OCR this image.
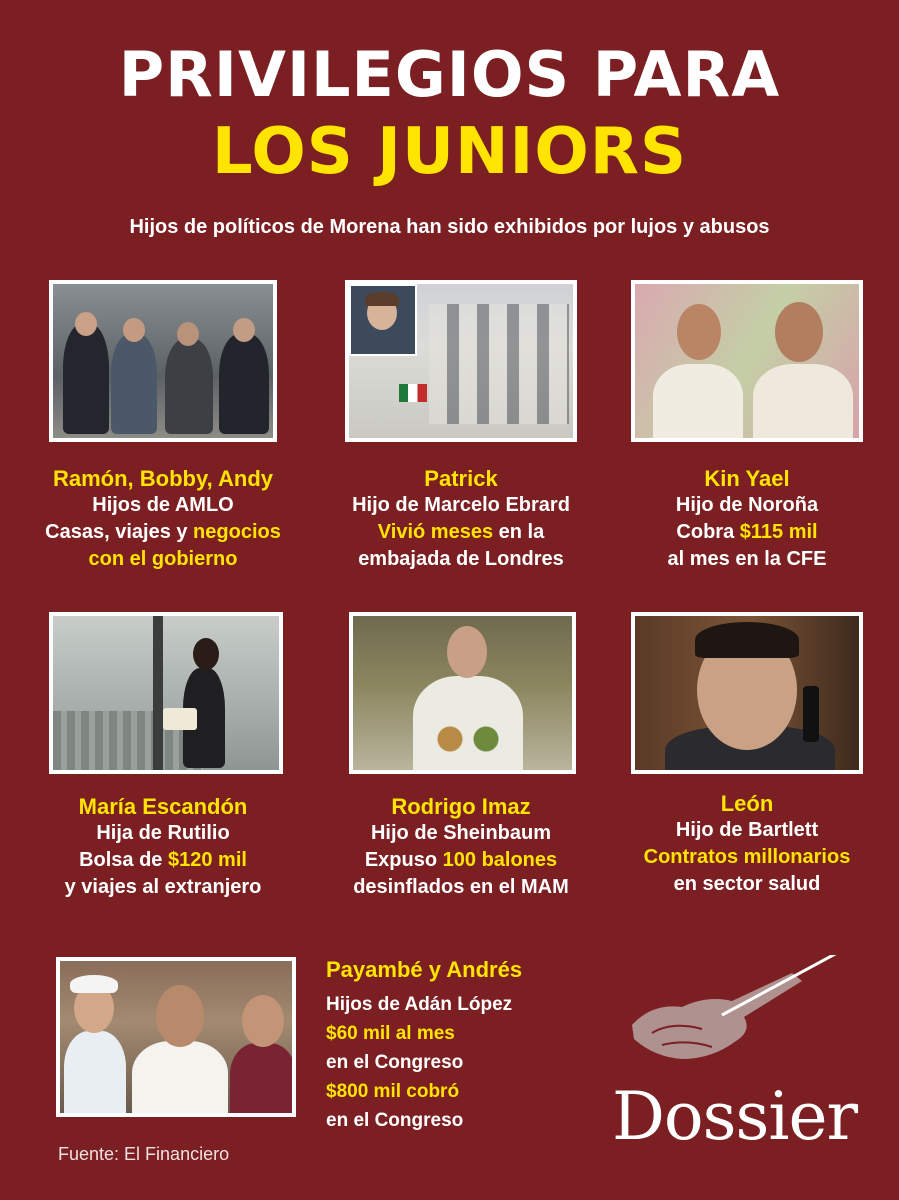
PRIVILEGIOS PARA
LOS JUNIORS
Hijos de políticos de Morena han sido exhibidos por lujos y abusos
Ramón, Bobby, Andy
Hijos de AMLO
Casas, viajes y negocios
con el gobierno
Patrick
Hijo de Marcelo Ebrard
Vivió meses en la
embajada de Londres
Kin Yael
Hijo de Noroña
Cobra $115 mil
al mes en la CFE
María Escandón
Hija de Rutilio
Bolsa de $120 mil
y viajes al extranjero
Rodrigo Imaz
Hijo de Sheinbaum
Expuso 100 balones
desinflados en el MAM
León
Hijo de Bartlett
Contratos millonarios
en sector salud
Payambé y Andrés
Hijos de Adán López
$60 mil al mes
en el Congreso
$800 mil cobró
en el Congreso	Dossier
Fuente: El Financiero
